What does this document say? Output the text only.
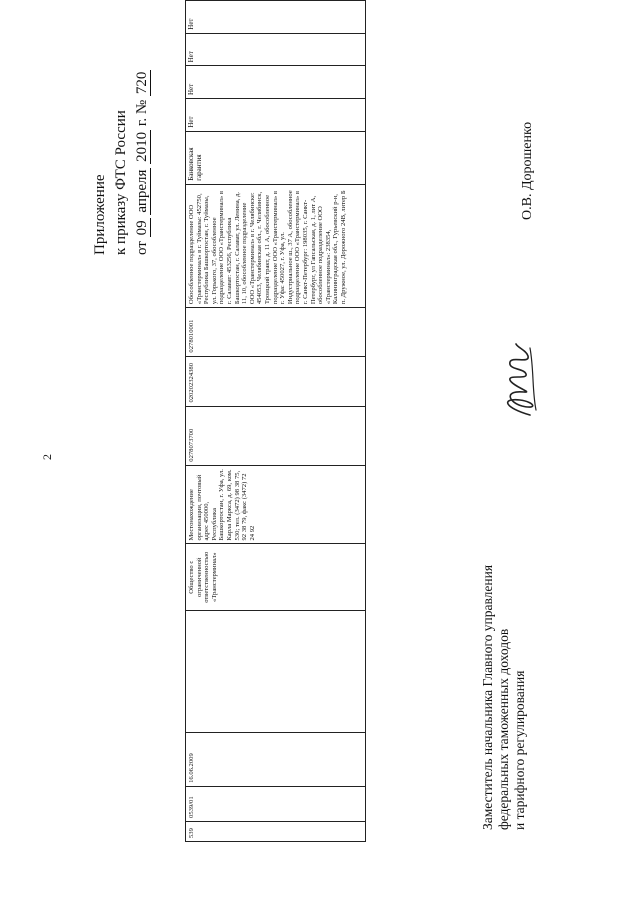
2
Приложение к приказу ФТС России от 09 апреля 2010 г. № 720
539	0539/01	16.06.2009		Общество с ограниченной ответственностью «Транстерминал»	Местонахождение организации, почтовый адрес 450000, Республика Башкортостан, г. Уфа, ул. Карла Маркса, д. 69, ком. 530; тел. (3472) 98 38 75, 92 38 79, факс (3472) 72 24 92	0278073700	020202324380	0278010001	Обособленное подразделение ООО «Транстерминал» в г. Туймазы: 452750, Республика Башкортостан, г. Туймазы, ул. Горького, 37, обособленное подразделение ООО «Транстерминал» в г. Салават: 453256, Республика Башкортостан, г. Салават, ул. Ленина, д. 11, 10, обособленное подразделение ООО «Транстерминал» в г. Челябинске: 454053, Челябинская обл., г. Челябинск, Троицкий тракт, д. 11 А, обособленное подразделение ООО «Транстерминал» в г. Уфа: 450027, г. Уфа, ул. Индустриальное ш., 37 А, обособленное подразделение ООО «Транстерминал» в г. Санкт-Петербург: 198035, г. Санкт-Петербург, ул Гапсальская, д. 1, лит А, обособленное подразделение ООО «Транстерминал»: 238354, Калининградская обл., Гурьевский р-н, п. Дружное, ул. Дорожного 24В, литер Б	Банковская гарантия	Нет	Нет	Нет	Нет
Заместитель начальника Главного управления федеральных таможенных доходов и тарифного регулирования
О.В. Дорошенко
